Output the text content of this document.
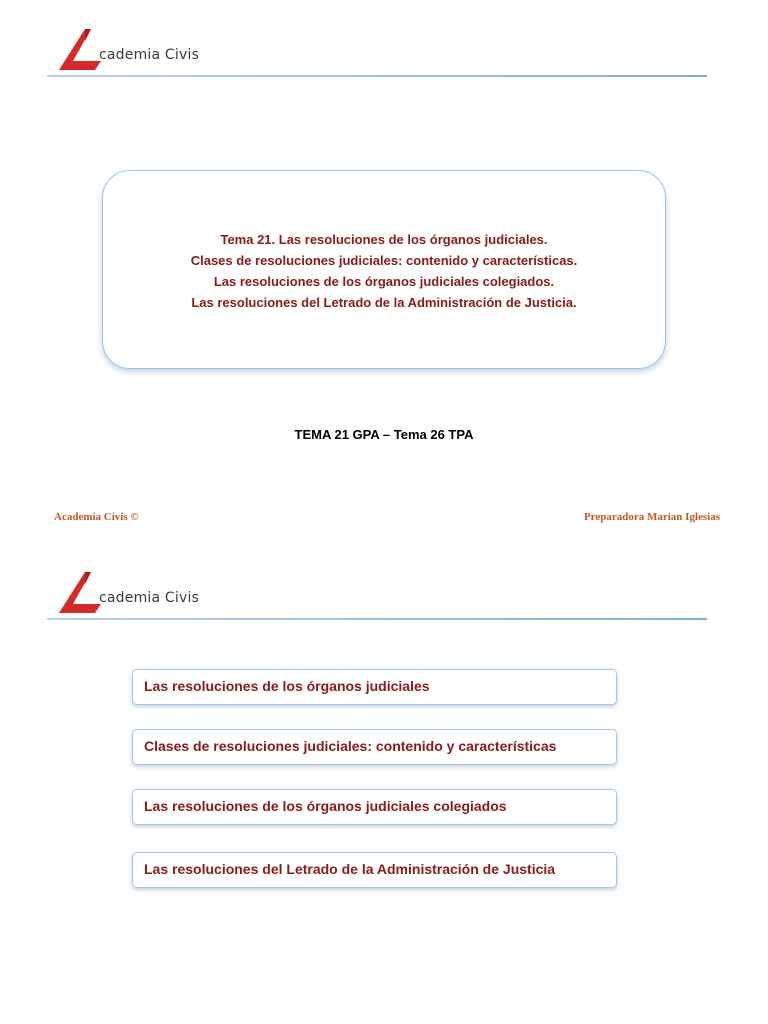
cademia Civis
Tema 21. Las resoluciones de los órganos judiciales.
Clases de resoluciones judiciales: contenido y características.
Las resoluciones de los órganos judiciales colegiados.
Las resoluciones del Letrado de la Administración de Justicia.
TEMA 21 GPA – Tema 26 TPA
Academia Civis ©	Preparadora Marian Iglesias
cademia Civis
Las resoluciones de los órganos judiciales
Clases de resoluciones judiciales: contenido y características
Las resoluciones de los órganos judiciales colegiados
Las resoluciones del Letrado de la Administración de Justicia
